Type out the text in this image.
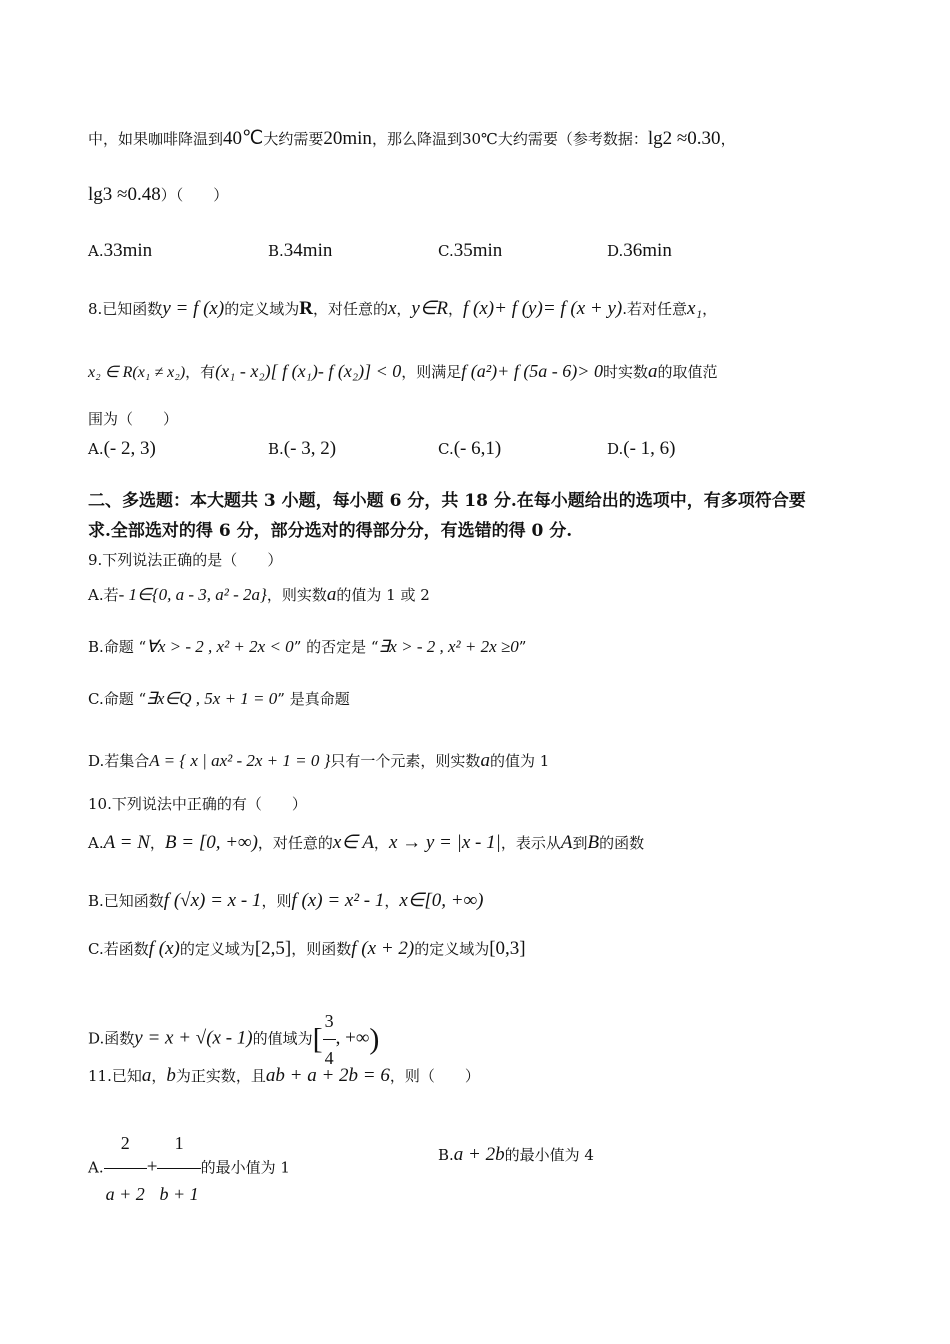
中，如果咖啡降温到40℃大约需要20min，那么降温到30℃大约需要（参考数据：lg2 ≈0.30，
lg3 ≈0.48）（　　）
A.33min	B.34min	C.35min	D.36min
8.已知函数y = f (x)的定义域为R，对任意的x，y∈R，f (x)+ f (y)= f (x + y).若对任意x₁，
x₂ ∈ R(x₁ ≠ x₂)，有(x₁ - x₂)[ f (x₁)- f (x₂)] < 0，则满足f (a²)+ f (5a - 6)> 0时实数a的取值范
围为（　　）
A.(- 2, 3)	B.(- 3, 2)	C.(- 6,1)	D.(- 1, 6)
二、多选题：本大题共 3 小题，每小题 6 分，共 18 分.在每小题给出的选项中，有多项符合要
求.全部选对的得 6 分，部分选对的得部分分，有选错的得 0 分.
9.下列说法正确的是（　　）
A.若- 1∈{0, a - 3, a² - 2a}，则实数a的值为 1 或 2
B.命题 “∀x > - 2 , x² + 2x < 0” 的否定是 “∃x > - 2 , x² + 2x ≥0”
C.命题 “∃x∈Q , 5x + 1 = 0” 是真命题
D.若集合A = { x | ax² - 2x + 1 = 0 }只有一个元素，则实数a的值为 1
10.下列说法中正确的有（　　）
A.A = N，B = [0, +∞)，对任意的x∈ A，x → y = |x - 1|，表示从A到B的函数
B.已知函数f (√x) = x - 1，则f (x) = x² - 1，x∈[0, +∞)
C.若函数f (x)的定义域为[2,5]，则函数f (x + 2)的定义域为[0,3]
D.函数y = x + √(x - 1)的值域为[ $\frac{3}{4}$ , +∞)
11.已知a，b为正实数，且ab + a + 2b = 6，则（　　）
A. $\frac{2}{a + 2} + \frac{1}{b + 1}$ 的最小值为 1
B.a + 2b的最小值为 4
